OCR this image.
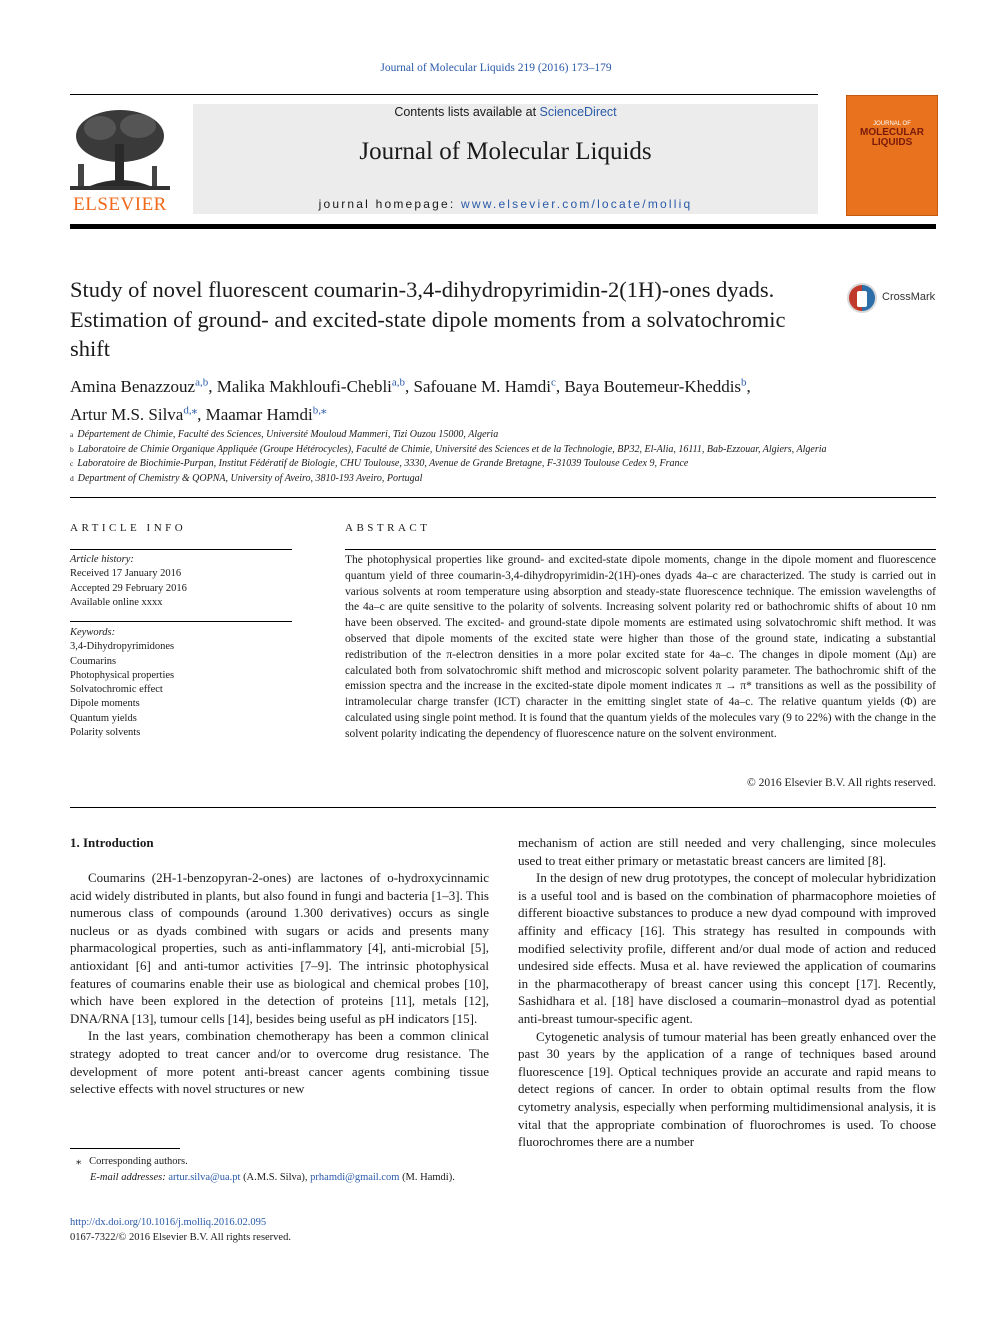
Journal of Molecular Liquids 219 (2016) 173–179
ELSEVIER
Contents lists available at ScienceDirect
Journal of Molecular Liquids
journal homepage: www.elsevier.com/locate/molliq
JOURNAL OF
MOLECULAR
LIQUIDS
Study of novel fluorescent coumarin-3,4-dihydropyrimidin-2(1H)-ones dyads. Estimation of ground- and excited-state dipole moments from a solvatochromic shift
CrossMark
Amina Benazzouz$^{a,b}$, Malika Makhloufi-Chebli$^{a,b}$, Safouane M. Hamdi$^c$, Baya Boutemeur-Kheddis$^b$,
Artur M.S. Silva$^{d,⁎}$, Maamar Hamdi$^{b,⁎}$
$^a$ Département de Chimie, Faculté des Sciences, Université Mouloud Mammeri, Tizi Ouzou 15000, Algeria
$^b$ Laboratoire de Chimie Organique Appliquée (Groupe Hétérocycles), Faculté de Chimie, Université des Sciences et de la Technologie, BP32, El-Alia, 16111, Bab-Ezzouar, Algiers, Algeria
$^c$ Laboratoire de Biochimie-Purpan, Institut Fédératif de Biologie, CHU Toulouse, 3330, Avenue de Grande Bretagne, F-31039 Toulouse Cedex 9, France
$^d$ Department of Chemistry & QOPNA, University of Aveiro, 3810-193 Aveiro, Portugal
ARTICLE INFO
Article history:
Received 17 January 2016
Accepted 29 February 2016
Available online xxxx
Keywords:
3,4-Dihydropyrimidones
Coumarins
Photophysical properties
Solvatochromic effect
Dipole moments
Quantum yields
Polarity solvents
ABSTRACT
The photophysical properties like ground- and excited-state dipole moments, change in the dipole moment and fluorescence quantum yield of three coumarin-3,4-dihydropyrimidin-2(1H)-ones dyads 4a–c are characterized. The study is carried out in various solvents at room temperature using absorption and steady-state fluorescence technique. The emission wavelengths of the 4a–c are quite sensitive to the polarity of solvents. Increasing solvent polarity red or bathochromic shifts of about 10 nm have been observed. The excited- and ground-state dipole moments are estimated using solvatochromic shift method. It was observed that dipole moments of the excited state were higher than those of the ground state, indicating a substantial redistribution of the π-electron densities in a more polar excited state for 4a–c. The changes in dipole moment (Δμ) are calculated both from solvatochromic shift method and microscopic solvent polarity parameter. The bathochromic shift of the emission spectra and the increase in the excited-state dipole moment indicates π → π* transitions as well as the possibility of intramolecular charge transfer (ICT) character in the emitting singlet state of 4a–c. The relative quantum yields (Φ) are calculated using single point method. It is found that the quantum yields of the molecules vary (9 to 22%) with the change in the solvent polarity indicating the dependency of fluorescence nature on the solvent environment.
© 2016 Elsevier B.V. All rights reserved.
1. Introduction

Coumarins (2H-1-benzopyran-2-ones) are lactones of o-hydroxycinnamic acid widely distributed in plants, but also found in fungi and bacteria [1–3]. This numerous class of compounds (around 1.300 derivatives) occurs as single nucleus or as dyads combined with sugars or acids and presents many pharmacological properties, such as anti-inflammatory [4], anti-microbial [5], antioxidant [6] and anti-tumor activities [7–9]. The intrinsic photophysical features of coumarins enable their use as biological and chemical probes [10], which have been explored in the detection of proteins [11], metals [12], DNA/RNA [13], tumour cells [14], besides being useful as pH indicators [15].

In the last years, combination chemotherapy has been a common clinical strategy adopted to treat cancer and/or to overcome drug resistance. The development of more potent anti-breast cancer agents combining tissue selective effects with novel structures or new

mechanism of action are still needed and very challenging, since molecules used to treat either primary or metastatic breast cancers are limited [8].

In the design of new drug prototypes, the concept of molecular hybridization is a useful tool and is based on the combination of pharmacophore moieties of different bioactive substances to produce a new dyad compound with improved affinity and efficacy [16]. This strategy has resulted in compounds with modified selectivity profile, different and/or dual mode of action and reduced undesired side effects. Musa et al. have reviewed the application of coumarins in the pharmacotherapy of breast cancer using this concept [17]. Recently, Sashidhara et al. [18] have disclosed a coumarin–monastrol dyad as potential anti-breast tumour-specific agent.

Cytogenetic analysis of tumour material has been greatly enhanced over the past 30 years by the application of a range of techniques based around fluorescence [19]. Optical techniques provide an accurate and rapid means to detect regions of cancer. In order to obtain optimal results from the flow cytometry analysis, especially when performing multidimensional analysis, it is vital that the appropriate combination of fluorochromes is used. To choose fluorochromes there are a number

⁎ Corresponding authors.
E-mail addresses: artur.silva@ua.pt (A.M.S. Silva), prhamdi@gmail.com (M. Hamdi).
http://dx.doi.org/10.1016/j.molliq.2016.02.095
0167-7322/© 2016 Elsevier B.V. All rights reserved.
